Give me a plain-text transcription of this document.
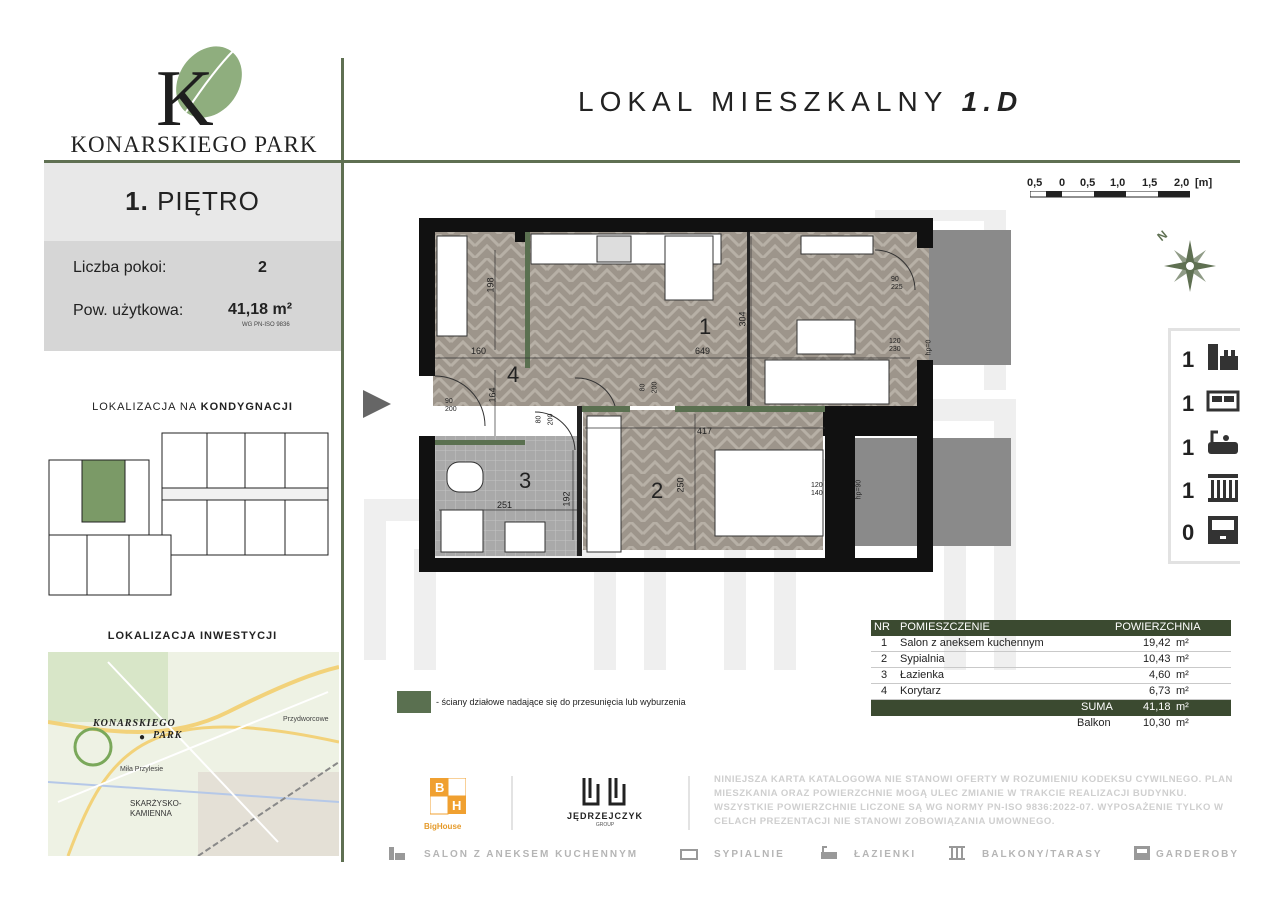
K
KONARSKIEGO PARK
1. PIĘTRO
Liczba pokoi:	2
Pow. użytkowa:	41,18 m²
WG PN-ISO 9836
LOKALIZACJA NA KONDYGNACJI
LOKALIZACJA INWESTYCJI
KONARSKIEGO
PARK
●
Przydworcowe
Miła Przylesie
SKARŻYSKO-
KAMIENNA
LOKAL MIESZKALNY 1.D
0,5 0 0,5 1,0 1,5 2,0 [m]
N
1
2
3
4
198
304
160	649
164
417
250
251	192
90
225
120
230
90
200
80 200
80 200
120
140
hp=0
hp=90
1
1
1
1
0
NR POMIESZCZENIE	POWIERZCHNIA
1 Salon z aneksem kuchennym	19,42 m²
2 Sypialnia	10,43 m²
3 Łazienka	4,60 m²
4 Korytarz	6,73 m²
SUMA	41,18 m²
Balkon	10,30 m²
- ściany działowe nadające się do przesunięcia lub wyburzenia
B
H
BigHouse
JĘDRZEJCZYK
GROUP
NINIEJSZA KARTA KATALOGOWA NIE STANOWI OFERTY W ROZUMIENIU KODEKSU CYWILNEGO. PLAN MIESZKANIA ORAZ POWIERZCHNIE MOGĄ ULEC ZMIANIE W TRAKCIE REALIZACJI BUDYNKU. WSZYSTKIE POWIERZCHNIE LICZONE SĄ WG NORMY PN-ISO 9836:2022-07. WYPOSAŻENIE TYLKO W CELACH PREZENTACJI NIE STANOWI ZOBOWIĄZANIA UMOWNEGO.
SALON Z ANEKSEM KUCHENNYM	SYPIALNIE	ŁAZIENKI	BALKONY/TARASY	GARDEROBY
